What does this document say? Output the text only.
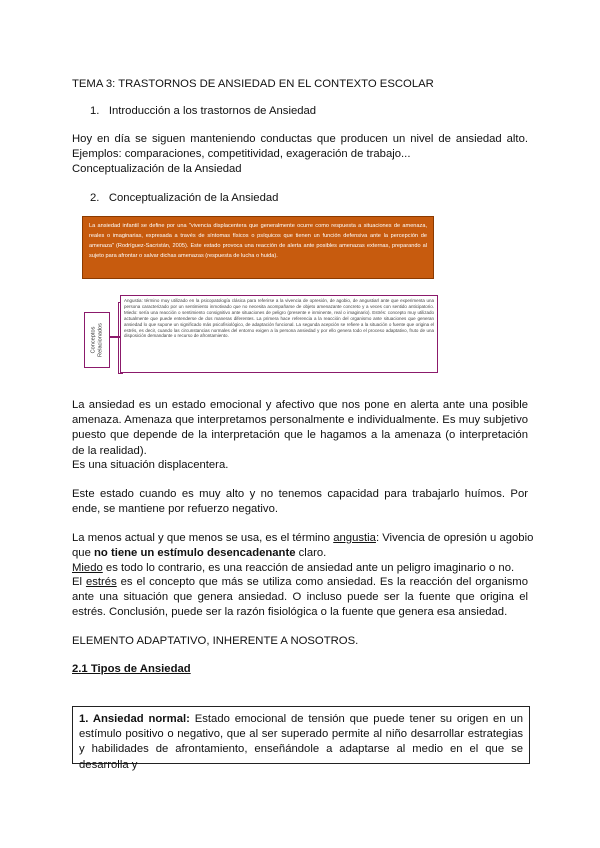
TEMA 3: TRASTORNOS DE ANSIEDAD EN EL CONTEXTO ESCOLAR
1. Introducción a los trastornos de Ansiedad
Hoy en día se siguen manteniendo conductas que producen un nivel de ansiedad alto.
Ejemplos: comparaciones, competitividad, exageración de trabajo...
Conceptualización de la Ansiedad
2. Conceptualización de la Ansiedad
La ansiedad infantil se define por una "vivencia displacentera que generalmente ocurre como respuesta a situaciones de amenaza, reales o imaginarias, expresada a través de síntomas físicos o psíquicos que tienen un función defensiva ante la percepción de amenaza" (Rodríguez-Sacristán, 2005). Este estado provoca una reacción de alerta ante posibles amenazas externas, preparando al sujeto para afrontar o salvar dichas amenazas (respuesta de lucha o huida).
Conceptos Relacionados
Angustia: término muy utilizado en la psicopatología clásica para referirse a la vivencia de opresión, de agobio, de angustiarl ante que experimenta una persona caracterizado por un sentimiento inmotivado que no necesita acompañarse de objeto amenazante concreto y a veces con sentido anticipatorio. Miedo: sería una reacción o sentimiento consignitivo ante situaciones de peligro (presente e inminente, real o imaginario). Estrés: concepto muy utilizado actualmente que puede entenderse de dos maneras diferentes. La primera hace referencia a la reacción del organismo ante situaciones que generan ansiedad lo que supone un significado más psicofisiológico, de adaptación funcional. La segunda acepción se refiere a la situación o fuente que origina el estrés, es decir, cuando las circunstancias normales del entorno exigen a la persona ansiedad y por ello genera todo el proceso adaptativo, fruto de una disposición demandante o recurso de afrontamiento.
La ansiedad es un estado emocional y afectivo que nos pone en alerta ante una posible amenaza. Amenaza que interpretamos personalmente e individualmente. Es muy subjetivo puesto que depende de la interpretación que le hagamos a la amenaza (o interpretación de la realidad).
Es una situación displacentera.
Este estado cuando es muy alto y no tenemos capacidad para trabajarlo huímos. Por ende, se mantiene por refuerzo negativo.
La menos actual y que menos se usa, es el término angustia: Vivencia de opresión u agobio
que no tiene un estímulo desencadenante claro.
Miedo es todo lo contrario, es una reacción de ansiedad ante un peligro imaginario o no.
El estrés es el concepto que más se utiliza como ansiedad. Es la reacción del organismo ante una situación que genera ansiedad. O incluso puede ser la fuente que origina el estrés. Conclusión, puede ser la razón fisiológica o la fuente que genera esa ansiedad.
ELEMENTO ADAPTATIVO, INHERENTE A NOSOTROS.
2.1 Tipos de Ansiedad
1. Ansiedad normal: Estado emocional de tensión que puede tener su origen en un estímulo positivo o negativo, que al ser superado permite al niño desarrollar estrategias y habilidades de afrontamiento, enseñándole a adaptarse al medio en el que se desarrolla y
